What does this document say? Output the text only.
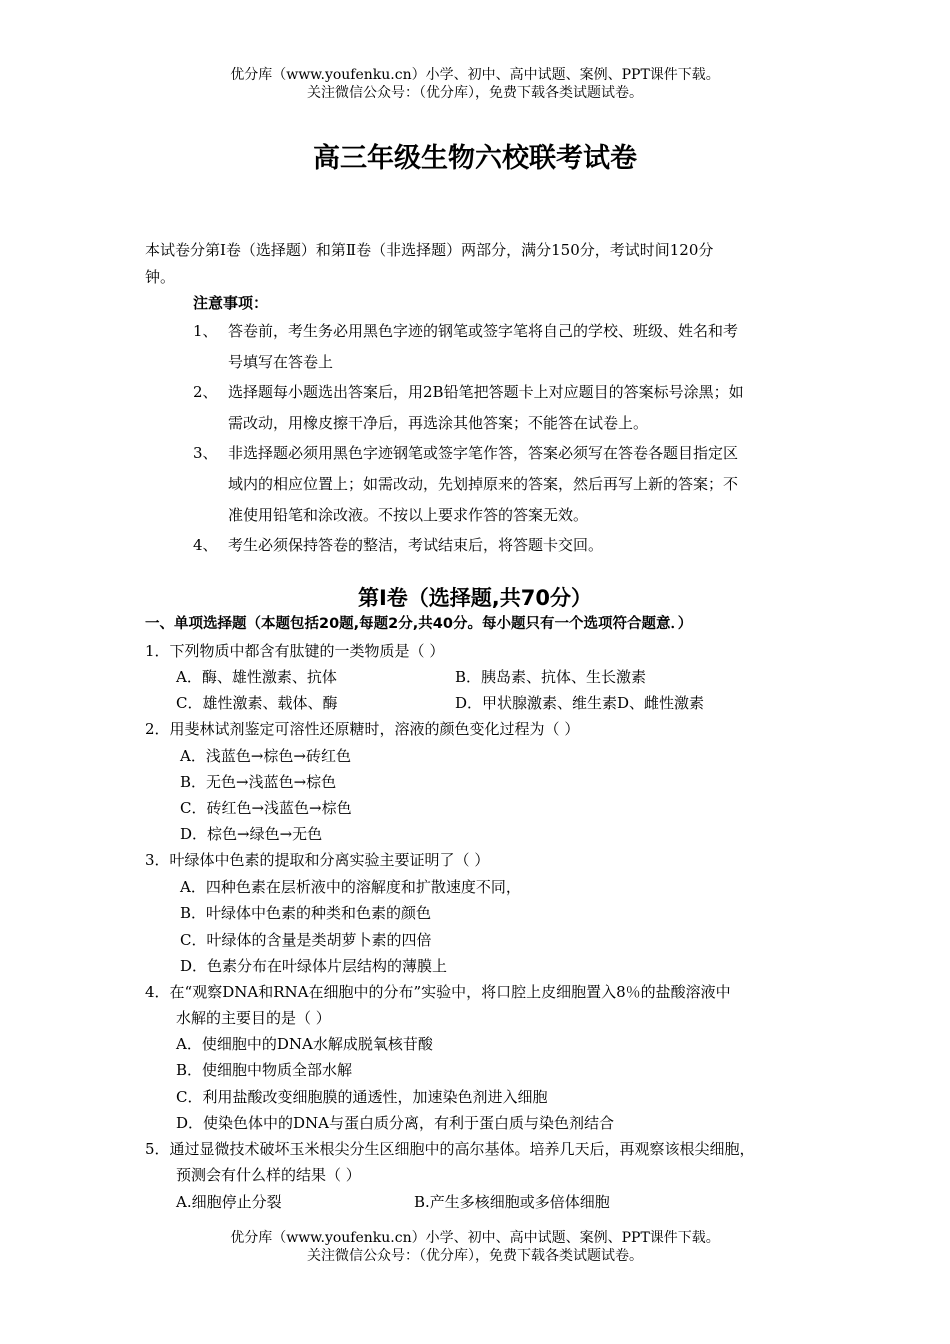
优分库（www.youfenku.cn）小学、初中、高中试题、案例、PPT课件下载。
关注微信公众号：（优分库），免费下载各类试题试卷。
高三年级生物六校联考试卷
本试卷分第Ⅰ卷（选择题）和第Ⅱ卷（非选择题）两部分，满分150分，考试时间120分
钟。
注意事项：
1、 答卷前，考生务必用黑色字迹的钢笔或签字笔将自己的学校、班级、姓名和考
号填写在答卷上
2、 选择题每小题选出答案后，用2B铅笔把答题卡上对应题目的答案标号涂黑；如
需改动，用橡皮擦干净后，再选涂其他答案；不能答在试卷上。
3、 非选择题必须用黑色字迹钢笔或签字笔作答，答案必须写在答卷各题目指定区
域内的相应位置上；如需改动，先划掉原来的答案，然后再写上新的答案；不
准使用铅笔和涂改液。不按以上要求作答的答案无效。
4、 考生必须保持答卷的整洁，考试结束后，将答题卡交回。
第Ⅰ卷（选择题,共70分）
一、单项选择题（本题包括20题,每题2分,共40分。每小题只有一个选项符合题意．）
1．下列物质中都含有肽键的一类物质是（ ）
A．酶、雄性激素、抗体	B．胰岛素、抗体、生长激素
C．雄性激素、载体、酶	D．甲状腺激素、维生素D、雌性激素
2．用斐林试剂鉴定可溶性还原糖时，溶液的颜色变化过程为（ ）
A．浅蓝色→棕色→砖红色
B．无色→浅蓝色→棕色
C．砖红色→浅蓝色→棕色
D．棕色→绿色→无色
3．叶绿体中色素的提取和分离实验主要证明了（ ）
A．四种色素在层析液中的溶解度和扩散速度不同，
B．叶绿体中色素的种类和色素的颜色
C．叶绿体的含量是类胡萝卜素的四倍
D．色素分布在叶绿体片层结构的薄膜上
4．在“观察DNA和RNA在细胞中的分布”实验中，将口腔上皮细胞置入8％的盐酸溶液中
水解的主要目的是（ ）
A．使细胞中的DNA水解成脱氧核苷酸
B．使细胞中物质全部水解
C．利用盐酸改变细胞膜的通透性，加速染色剂进入细胞
D．使染色体中的DNA与蛋白质分离，有利于蛋白质与染色剂结合
5．通过显微技术破坏玉米根尖分生区细胞中的高尔基体。培养几天后，再观察该根尖细胞，
预测会有什么样的结果（ ）
A.细胞停止分裂	B.产生多核细胞或多倍体细胞
优分库（www.youfenku.cn）小学、初中、高中试题、案例、PPT课件下载。
关注微信公众号：（优分库），免费下载各类试题试卷。
